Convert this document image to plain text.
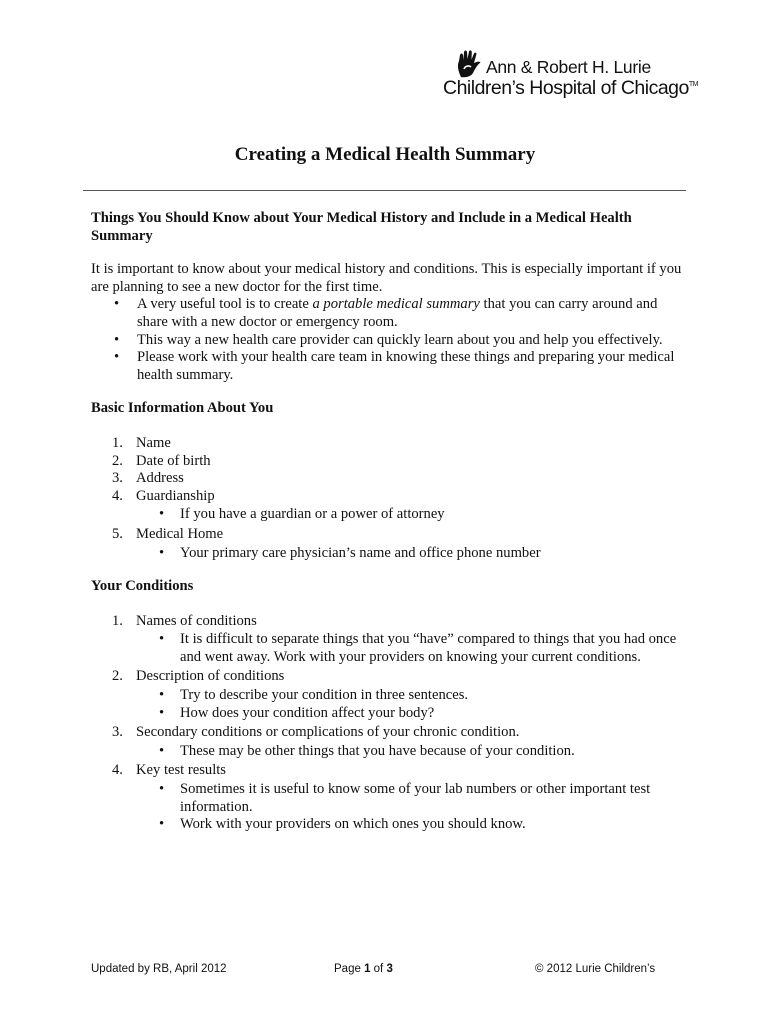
Ann & Robert H. Lurie
Children’s Hospital of Chicago™
Creating a Medical Health Summary

Things You Should Know about Your Medical History and Include in a Medical Health Summary

It is important to know about your medical history and conditions. This is especially important if you are planning to see a new doctor for the first time.

• A very useful tool is to create a portable medical summary that you can carry around and share with a new doctor or emergency room.
• This way a new health care provider can quickly learn about you and help you effectively.
• Please work with your health care team in knowing these things and preparing your medical health summary.

Basic Information About You

1. Name
2. Date of birth
3. Address
4. Guardianship
• If you have a guardian or a power of attorney
5. Medical Home
• Your primary care physician’s name and office phone number

Your Conditions

1. Names of conditions
• It is difficult to separate things that you “have” compared to things that you had once and went away. Work with your providers on knowing your current conditions.
2. Description of conditions
• Try to describe your condition in three sentences.
• How does your condition affect your body?
3. Secondary conditions or complications of your chronic condition.
• These may be other things that you have because of your condition.
4. Key test results
• Sometimes it is useful to know some of your lab numbers or other important test information.
• Work with your providers on which ones you should know.
Updated by RB, April 2012	Page 1 of 3	© 2012 Lurie Children’s
